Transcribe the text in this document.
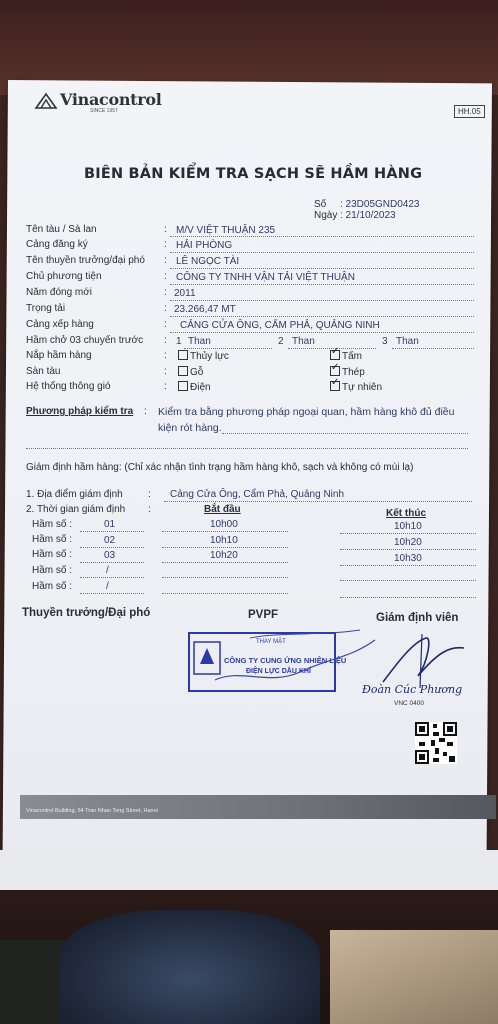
Vinacontrol
SINCE 1957	HH.05
BIÊN BẢN KIỂM TRA SẠCH SẼ HẦM HÀNG
Số : 23D05GND0423
Ngày : 21/10/2023
Tên tàu / Sà lan	: M/V VIỆT THUẬN 235
Cảng đăng ký	: HẢI PHÒNG
Tên thuyền trưởng/đại phó : LÊ NGỌC TÀI
Chủ phương tiện	: CÔNG TY TNHH VẬN TẢI VIỆT THUẬN
Năm đóng mới	: 2011
Trọng tải	: 23.266,47 MT
Cảng xếp hàng	: CẢNG CỬA ÔNG, CẨM PHẢ, QUẢNG NINH
Hầm chở 03 chuyến trước : 1 Than	2 Than	3 Than
Nắp hầm hàng	:	Thủy lực ✓	Tấm
Sàn tàu	:	Gỗ ✓	Thép
Hệ thống thông gió	:	Điện ✓	Tự nhiên
Phương pháp kiểm tra : Kiểm tra bằng phương pháp ngoại quan, hầm hàng khô đủ điều
kiện rót hàng.
Giám định hầm hàng: (Chỉ xác nhận tình trạng hầm hàng khô, sạch và không có mùi lạ)
1. Địa điểm giám định	: Cảng Cửa Ông, Cẩm Phả, Quảng Ninh
2. Thời gian giám định :	Bắt đầu	Kết thúc
Hầm số :	01	10h00	10h10
Hầm số :	02	10h10	10h20
Hầm số :	03	10h20	10h30
Hầm số :	/
Hầm số :	/
Thuyền trưởng/Đại phó	PVPF	Giám định viên
THAY MẶT
CÔNG TY CUNG ỨNG NHIÊN LIỆU
ĐIỆN LỰC DẦU KHÍ
Đoàn Cúc Phương
VNC 0400
Vinacontrol Building, 54 Tran Nhan Tong Street, Hanoi
